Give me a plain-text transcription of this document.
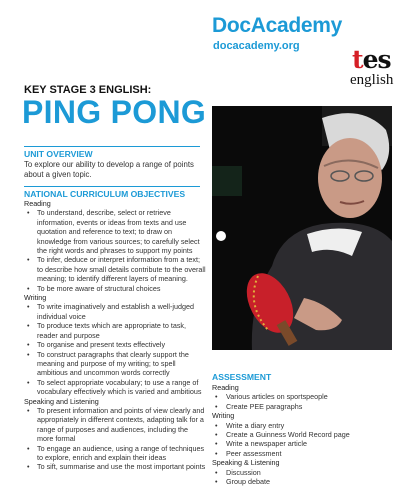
DocAcademy
docacademy.org tes
english
KEY STAGE 3 ENGLISH:
PING PONG
UNIT OVERVIEW
To explore our ability to develop a range of points about a given topic.
NATIONAL CURRICULUM OBJECTIVES
Reading
• To understand, describe, select or retrieve information, events or ideas from texts and use quotation and reference to text; to draw on knowledge from various sources; to carefully select the right words and phrases to support my points
• To infer, deduce or interpret information from a text; to describe how small details contribute to the overall meaning; to identify different layers of meaning.
• To be more aware of structural choices
Writing
• To write imaginatively and establish a well-judged individual voice
• To produce texts which are appropriate to task, reader and purpose
• To organise and present texts effectively
• To construct paragraphs that clearly support the meaning and purpose of my writing; to spell ambitious and uncommon words correctly
• To select appropriate vocabulary; to use a range of vocabulary effectively which is varied and ambitious
Speaking and Listening
• To present information and points of view clearly and appropriately in different contexts, adapting talk for a range of purposes and audiences, including the more formal
• To engage an audience, using a range of techniques to explore, enrich and explain their ideas
• To sift, summarise and use the most important points
ASSESSMENT
Reading
• Various articles on sportspeople
• Create PEE paragraphs
Writing
• Write a diary entry
• Create a Guinness World Record page
• Write a newspaper article
• Peer assessment
Speaking & Listening
• Discussion
• Group debate
